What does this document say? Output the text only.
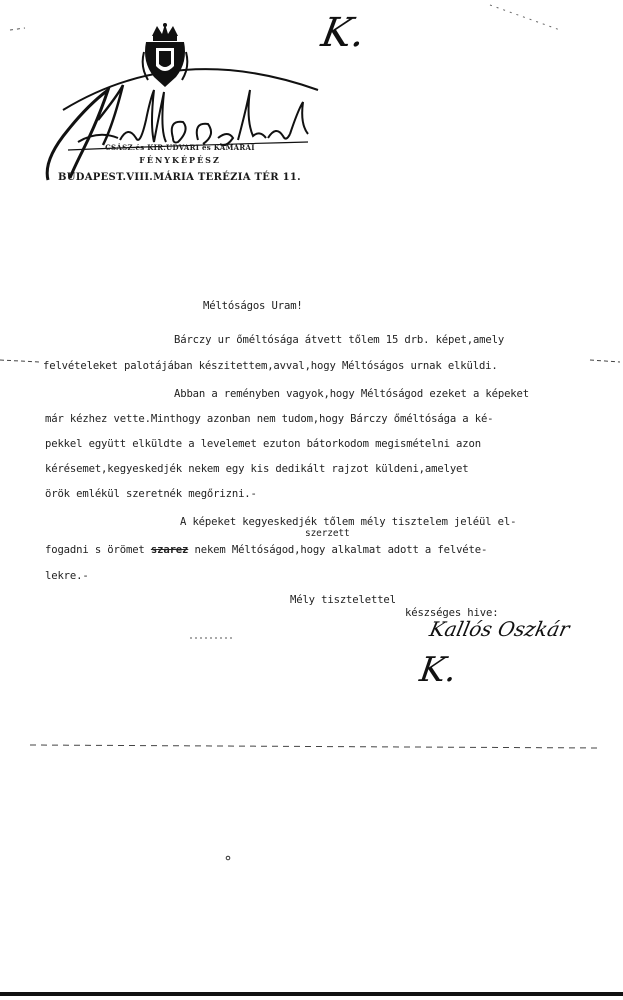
CSÁSZ.és KIR.UDVARI és KAMARAI
FÉNYKÉPÉSZ
BUDAPEST.VIII.MÁRIA TERÉZIA TÉR 11.
K.
Méltóságos Uram!
Bárczy ur őméltósága átvett tőlem 15 drb. képet,amely
felvételeket palotájában készitettem,avval,hogy Méltóságos urnak elküldi.
Abban a reményben vagyok,hogy Méltóságod ezeket a képeket
már kézhez vette.Minthogy azonban nem tudom,hogy Bárczy őméltósága a ké-
pekkel együtt elküldte a levelemet ezuton bátorkodom megismételni azon
kérésemet,kegyeskedjék nekem egy kis dedikált rajzot küldeni,amelyet
örök emlékül szeretnék megőrizni.-
A képeket kegyeskedjék tőlem mély tisztelem jeléül el-
szerzett
fogadni s örömet szarez nekem Méltóságod,hogy alkalmat adott a felvéte-
lekre.-
Mély tisztelettel
készséges hive:
Kallós Oszkár
K.
